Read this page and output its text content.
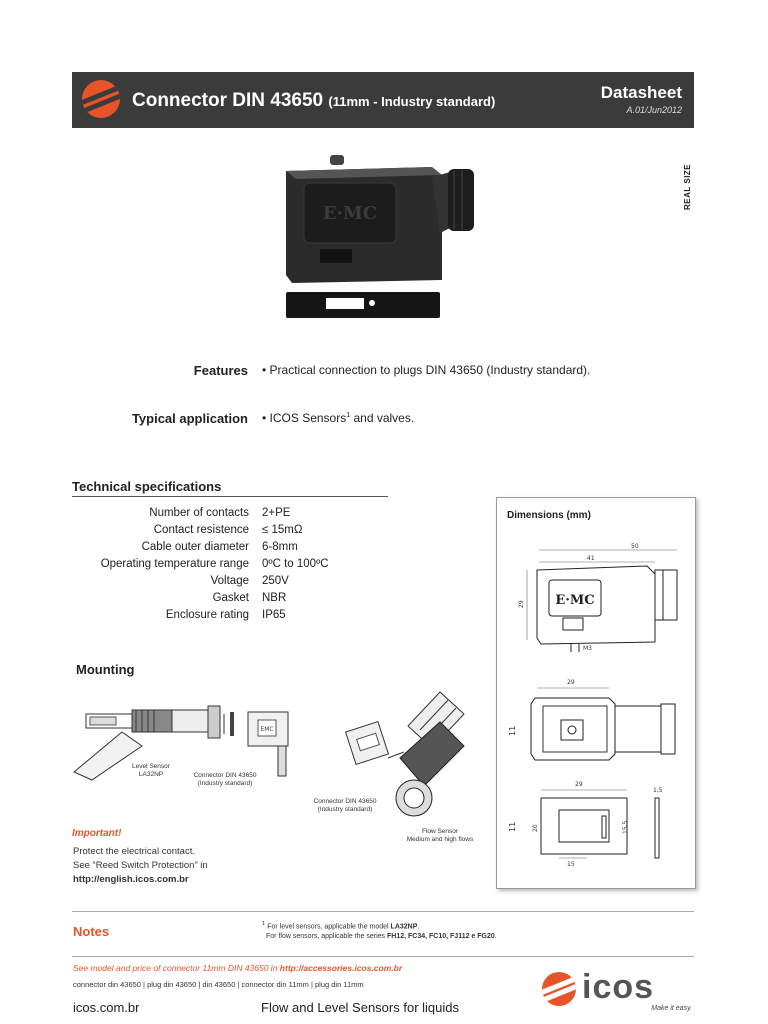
Connector DIN 43650 (11mm - Industry standard)	Datasheet
A.01/Jun2012
E·MC
REAL SIZE
Features • Practical connection to plugs DIN 43650 (Industry standard).
Typical application • ICOS Sensors$^1$ and valves.
Technical specifications
Number of contacts 2+PE
Contact resistence ≤ 15mΩ
Cable outer diameter 6-8mm
Operating temperature range 0ºC to 100ºC
Voltage 250V
Gasket NBR
Enclosure rating IP65
Mounting
EMC
Level Sensor
LA32NP	Connector DIN 43650
(Industry standard)
Connector DIN 43650
(Industry standard)
Flow Sensor
Medium and high flows
Important!
Protect the electrical contact.
See “Reed Switch Protection” in
http://english.icos.com.br
Dimensions (mm)
50
41
29 E·MC
M3
29
11
29
11	20
15
15,5
1,5
Notes	$^1$ For level sensors, applicable the model LA32NP.
For flow sensors, applicable the series FH12, FC34, FC10, FJ112 e FG20.
See model and price of connector 11mm DIN 43650 in http://accessories.icos.com.br
connector din 43650 | plug din 43650 | din 43650 | connector din 11mm | plug din 11mm
icos.com.br	Flow and Level Sensors for liquids
icos
Make it easy.
